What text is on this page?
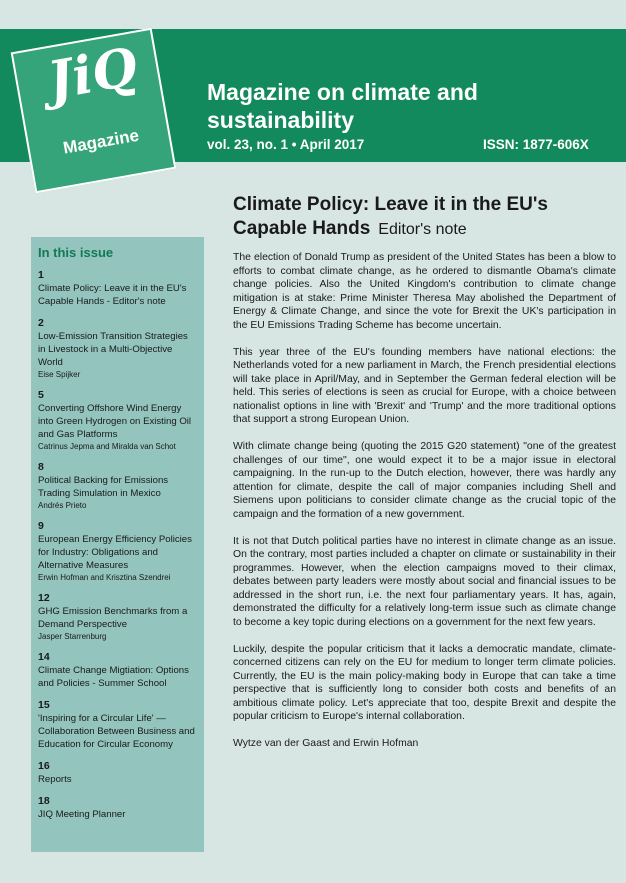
JiQ
Magazine
Magazine on climate and sustainability
vol. 23, no. 1 • April 2017	ISSN: 1877-606X
Climate Policy: Leave it in the EU's Capable Hands Editor's note
In this issue
1
Climate Policy: Leave it in the EU's Capable Hands - Editor's note
2
Low-Emission Transition Strategies in Livestock in a Multi-Objective World
Eise Spijker
5
Converting Offshore Wind Energy into Green Hydrogen on Existing Oil and Gas Platforms
Catrinus Jepma and Miralda van Schot
8
Political Backing for Emissions Trading Simulation in Mexico
Andrés Prieto
9
European Energy Efficiency Policies for Industry: Obligations and Alternative Measures
Erwin Hofman and Krisztina Szendrei
12
GHG Emission Benchmarks from a Demand Perspective
Jasper Starrenburg
14
Climate Change Migtiation: Options and Policies - Summer School
15
'Inspiring for a Circular Life' — Collaboration Between Business and Education for Circular Economy
16
Reports
18
JIQ Meeting Planner

The election of Donald Trump as president of the United States has been a blow to efforts to combat climate change, as he ordered to dismantle Obama's climate change policies. Also the United Kingdom's contribution to climate change mitigation is at stake: Prime Minister Theresa May abolished the Department of Energy & Climate Change, and since the vote for Brexit the UK's participation in the EU Emissions Trading Scheme has become uncertain.

This year three of the EU's founding members have national elections: the Netherlands voted for a new parliament in March, the French presidential elections will take place in April/May, and in September the German federal election will be held. This series of elections is seen as crucial for Europe, with a choice between nationalist options in line with 'Brexit' and 'Trump' and the more traditional options that support a strong European Union.

With climate change being (quoting the 2015 G20 statement) "one of the greatest challenges of our time", one would expect it to be a major issue in electoral campaigning. In the run-up to the Dutch election, however, there was hardly any attention for climate, despite the call of major companies including Shell and Siemens upon politicians to consider climate change as the crucial topic of the campaign and the formation of a new government.

It is not that Dutch political parties have no interest in climate change as an issue. On the contrary, most parties included a chapter on climate or sustainability in their programmes. However, when the election campaigns moved to their climax, debates between party leaders were mostly about social and financial issues to be addressed in the short run, i.e. the next four parliamentary years. It has, again, demonstrated the difficulty for a relatively long-term issue such as climate change to become a key topic during elections on a government for the next few years.

Luckily, despite the popular criticism that it lacks a democratic mandate, climate-concerned citizens can rely on the EU for medium to longer term climate policies. Currently, the EU is the main policy-making body in Europe that can take a time perspective that is sufficiently long to consider both costs and benefits of an ambitious climate policy. Let's appreciate that too, despite Brexit and despite the popular criticism to Europe's internal collaboration.

Wytze van der Gaast and Erwin Hofman
